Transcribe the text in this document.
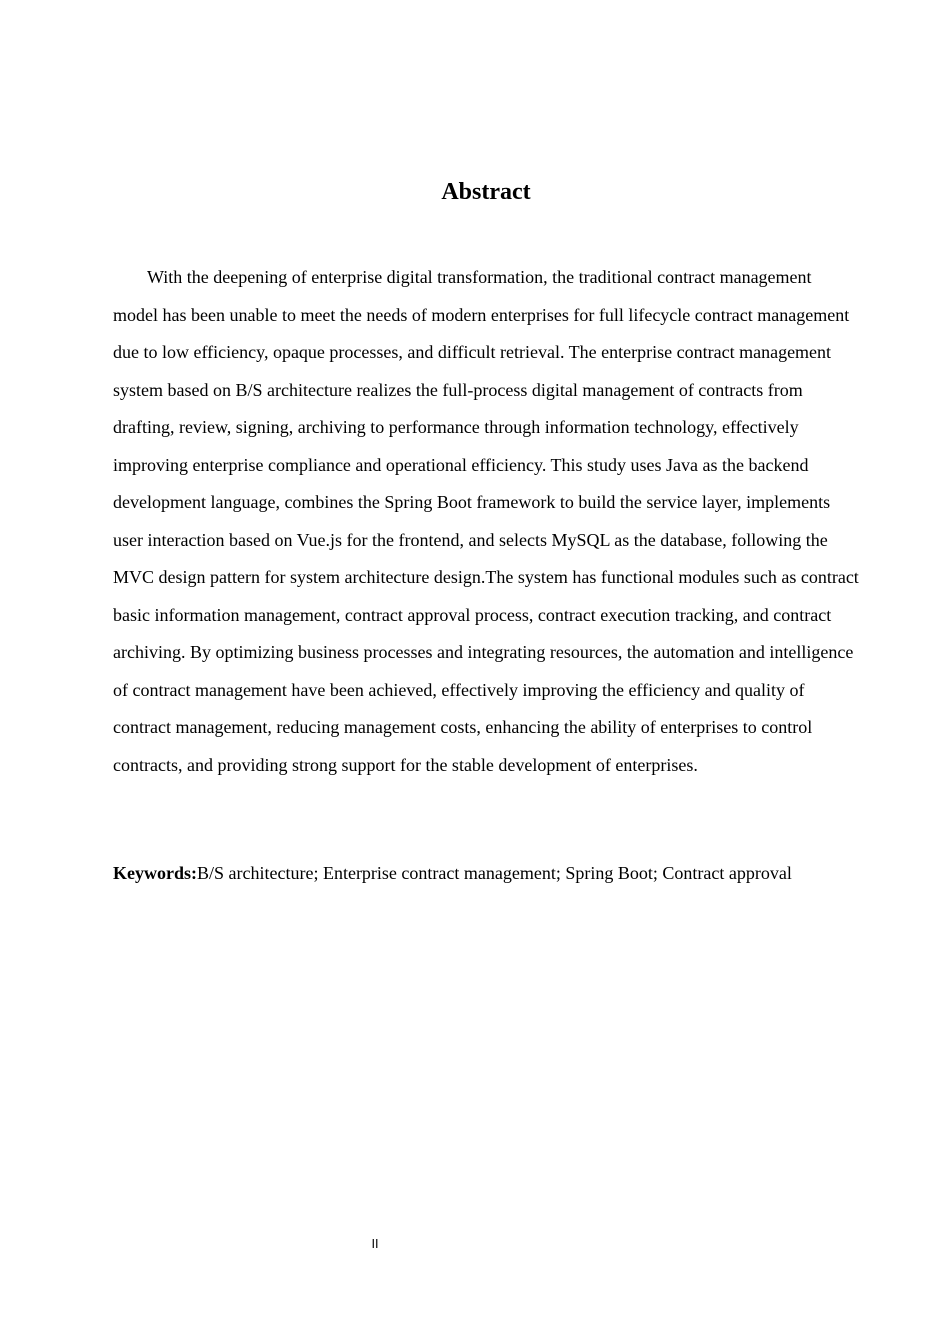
Abstract

With the deepening of enterprise digital transformation, the traditional contract management model has been unable to meet the needs of modern enterprises for full lifecycle contract management due to low efficiency, opaque processes, and difficult retrieval. The enterprise contract management system based on B/S architecture realizes the full-process digital management of contracts from drafting, review, signing, archiving to performance through information technology, effectively improving enterprise compliance and operational efficiency. This study uses Java as the backend development language, combines the Spring Boot framework to build the service layer, implements user interaction based on Vue.js for the frontend, and selects MySQL as the database, following the MVC design pattern for system architecture design.The system has functional modules such as contract basic information management, contract approval process, contract execution tracking, and contract archiving. By optimizing business processes and integrating resources, the automation and intelligence of contract management have been achieved, effectively improving the efficiency and quality of contract management, reducing management costs, enhancing the ability of enterprises to control contracts, and providing strong support for the stable development of enterprises.

Keywords:B/S architecture; Enterprise contract management; Spring Boot; Contract approval

II
